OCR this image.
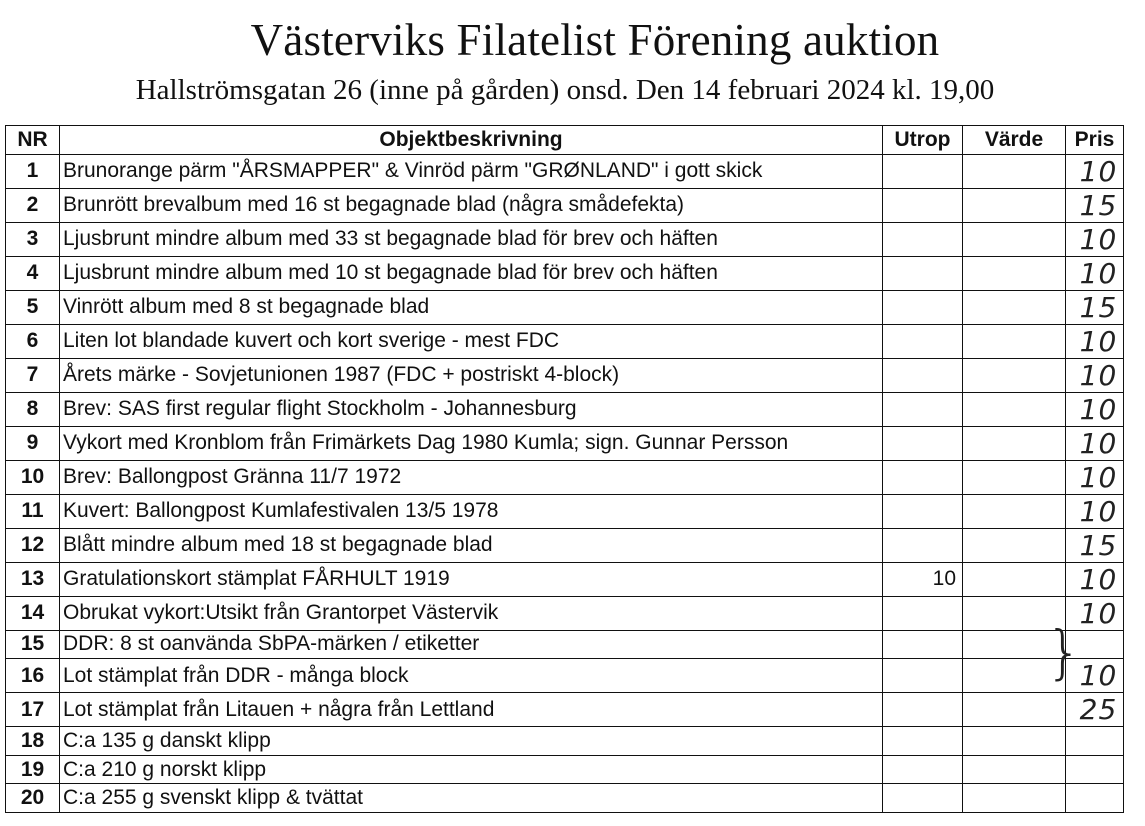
Västerviks Filatelist Förening auktion
Hallströmsgatan 26 (inne på gården) onsd. Den 14 februari 2024 kl. 19,00
NR	Objektbeskrivning	Utrop	Värde	Pris
1	Brunorange pärm "ÅRSMAPPER" & Vinröd pärm "GRØNLAND" i gott skick			10
2	Brunrött brevalbum med 16 st begagnade blad (några smådefekta)			15
3	Ljusbrunt mindre album med 33 st begagnade blad för brev och häften			10
4	Ljusbrunt mindre album med 10 st begagnade blad för brev och häften			10
5	Vinrött album med 8 st begagnade blad			15
6	Liten lot blandade kuvert och kort sverige - mest FDC			10
7	Årets märke - Sovjetunionen 1987 (FDC + postriskt 4-block)			10
8	Brev: SAS first regular flight Stockholm - Johannesburg			10
9	Vykort med Kronblom från Frimärkets Dag 1980 Kumla; sign. Gunnar Persson			10
10	Brev: Ballongpost Gränna 11/7 1972			10
11	Kuvert: Ballongpost Kumlafestivalen 13/5 1978			10
12	Blått mindre album med 18 st begagnade blad			15
13	Gratulationskort stämplat FÅRHULT 1919	10		10
14	Obrukat vykort:Utsikt från Grantorpet Västervik			10
15	DDR: 8 st oanvända SbPA-märken / etiketter			
16	Lot stämplat från DDR - många block			10
17	Lot stämplat från Litauen + några från Lettland			25
18	C:a 135 g danskt klipp			
19	C:a 210 g norskt klipp			
20	C:a 255 g svenskt klipp & tvättat			
}
